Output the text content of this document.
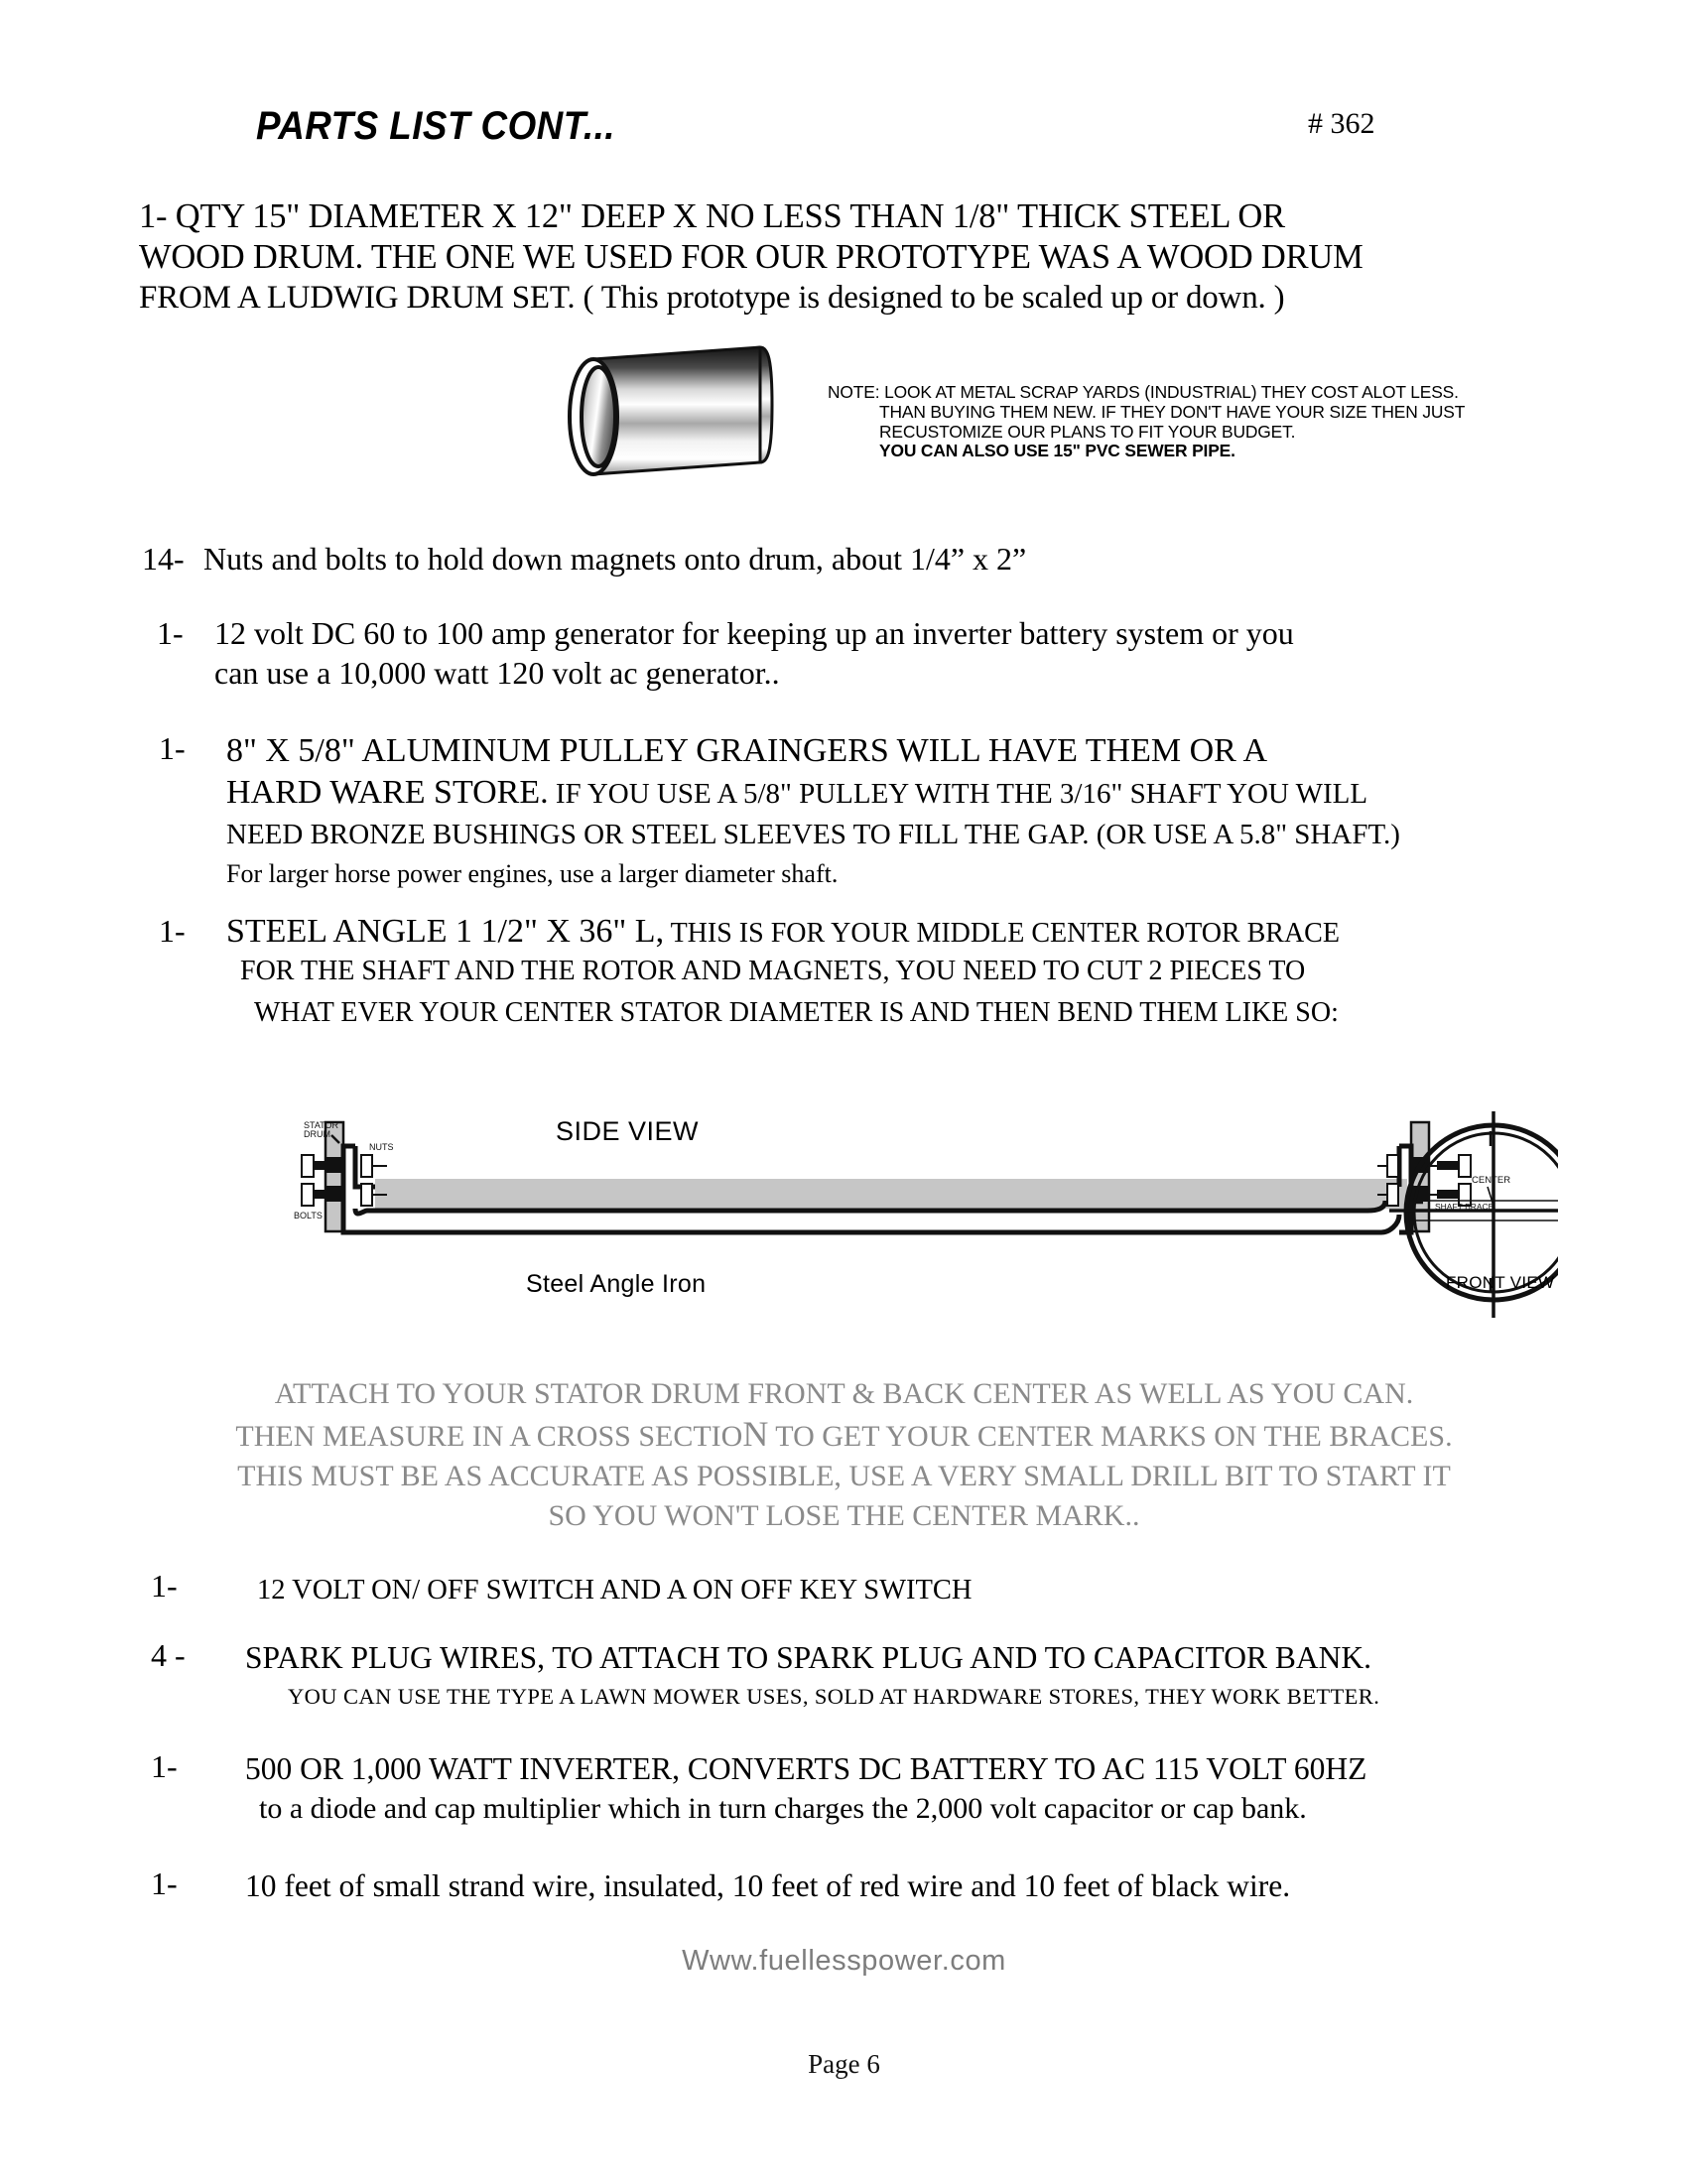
PARTS LIST CONT...	# 362
1- QTY 15" DIAMETER X 12" DEEP X NO LESS THAN 1/8" THICK STEEL OR
WOOD DRUM. THE ONE WE USED FOR OUR PROTOTYPE WAS A WOOD DRUM
FROM A LUDWIG DRUM SET. ( This prototype is designed to be scaled up or down. )
NOTE: LOOK AT METAL SCRAP YARDS (INDUSTRIAL) THEY COST ALOT LESS.
THAN BUYING THEM NEW. IF THEY DON'T HAVE YOUR SIZE THEN JUST
RECUSTOMIZE OUR PLANS TO FIT YOUR BUDGET.
YOU CAN ALSO USE 15" PVC SEWER PIPE.
14- Nuts and bolts to hold down magnets onto drum, about 1/4” x 2”
1- 12 volt DC 60 to 100 amp generator for keeping up an inverter battery system or you
can use a 10,000 watt 120 volt ac generator..
1- 8" X 5/8" ALUMINUM PULLEY GRAINGERS WILL HAVE THEM OR A
HARD WARE STORE. IF YOU USE A 5/8" PULLEY WITH THE 3/16" SHAFT YOU WILL
NEED BRONZE BUSHINGS OR STEEL SLEEVES TO FILL THE GAP. (OR USE A 5.8" SHAFT.)
For larger horse power engines, use a larger diameter shaft.
1- STEEL ANGLE 1 1/2" X 36" L, THIS IS FOR YOUR MIDDLE CENTER ROTOR BRACE
FOR THE SHAFT AND THE ROTOR AND MAGNETS, YOU NEED TO CUT 2 PIECES TO
WHAT EVER YOUR CENTER STATOR DIAMETER IS AND THEN BEND THEM LIKE SO:
STATOR
DRUM
NUTS
BOLTS
CENTER
SHAFT BRACE
SIDE VIEW
Steel Angle Iron	FRONT VIEW
ATTACH TO YOUR STATOR DRUM FRONT & BACK CENTER AS WELL AS YOU CAN.
THEN MEASURE IN A CROSS SECTION TO GET YOUR CENTER MARKS ON THE BRACES.
THIS MUST BE AS ACCURATE AS POSSIBLE, USE A VERY SMALL DRILL BIT TO START IT
SO YOU WON'T LOSE THE CENTER MARK..
1-	12 VOLT ON/ OFF SWITCH AND A ON OFF KEY SWITCH
4 - SPARK PLUG WIRES, TO ATTACH TO SPARK PLUG AND TO CAPACITOR BANK.
YOU CAN USE THE TYPE A LAWN MOWER USES, SOLD AT HARDWARE STORES, THEY WORK BETTER.
1- 500 OR 1,000 WATT INVERTER, CONVERTS DC BATTERY TO AC 115 VOLT 60HZ
to a diode and cap multiplier which in turn charges the 2,000 volt capacitor or cap bank.
1- 10 feet of small strand wire, insulated, 10 feet of red wire and 10 feet of black wire.
Www.fuellesspower.com
Page 6
